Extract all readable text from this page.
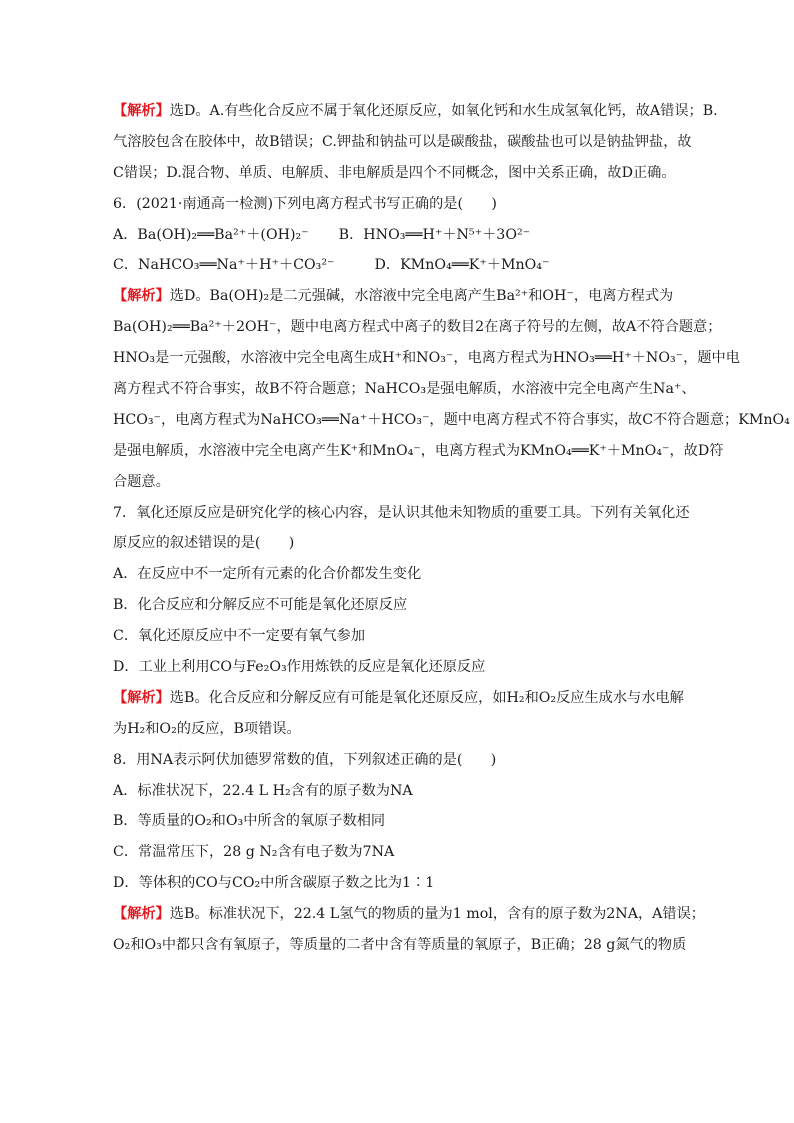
【解析】选D。A.有些化合反应不属于氧化还原反应，如氧化钙和水生成氢氧化钙，故A错误；B.
气溶胶包含在胶体中，故B错误；C.钾盐和钠盐可以是碳酸盐，碳酸盐也可以是钠盐钾盐，故
C错误；D.混合物、单质、电解质、非电解质是四个不同概念，图中关系正确，故D正确。
6．(2021·南通高一检测)下列电离方程式书写正确的是(　　)
A．Ba(OH)₂══Ba²⁺＋(OH)₂⁻ B．HNO₃══H⁺＋N⁵⁺＋3O²⁻
C．NaHCO₃══Na⁺＋H⁺＋CO₃²⁻	D．KMnO₄══K⁺＋MnO₄⁻
【解析】选D。Ba(OH)₂是二元强碱，水溶液中完全电离产生Ba²⁺和OH⁻，电离方程式为
Ba(OH)₂══Ba²⁺＋2OH⁻，题中电离方程式中离子的数目2在离子符号的左侧，故A不符合题意；
HNO₃是一元强酸，水溶液中完全电离生成H⁺和NO₃⁻，电离方程式为HNO₃══H⁺＋NO₃⁻，题中电
离方程式不符合事实，故B不符合题意；NaHCO₃是强电解质，水溶液中完全电离产生Na⁺、
HCO₃⁻，电离方程式为NaHCO₃══Na⁺＋HCO₃⁻，题中电离方程式不符合事实，故C不符合题意；KMnO₄
是强电解质，水溶液中完全电离产生K⁺和MnO₄⁻，电离方程式为KMnO₄══K⁺＋MnO₄⁻，故D符
合题意。
7．氧化还原反应是研究化学的核心内容，是认识其他未知物质的重要工具。下列有关氧化还
原反应的叙述错误的是(　　)
A．在反应中不一定所有元素的化合价都发生变化
B．化合反应和分解反应不可能是氧化还原反应
C．氧化还原反应中不一定要有氧气参加
D．工业上利用CO与Fe₂O₃作用炼铁的反应是氧化还原反应
【解析】选B。化合反应和分解反应有可能是氧化还原反应，如H₂和O₂反应生成水与水电解
为H₂和O₂的反应，B项错误。
8．用NA表示阿伏加德罗常数的值，下列叙述正确的是(　　)
A．标准状况下，22.4 L H₂含有的原子数为NA
B．等质量的O₂和O₃中所含的氧原子数相同
C．常温常压下，28 g N₂含有电子数为7NA
D．等体积的CO与CO₂中所含碳原子数之比为1∶1
【解析】选B。标准状况下，22.4 L氢气的物质的量为1 mol，含有的原子数为2NA，A错误；
O₂和O₃中都只含有氧原子，等质量的二者中含有等质量的氧原子，B正确；28 g氮气的物质
